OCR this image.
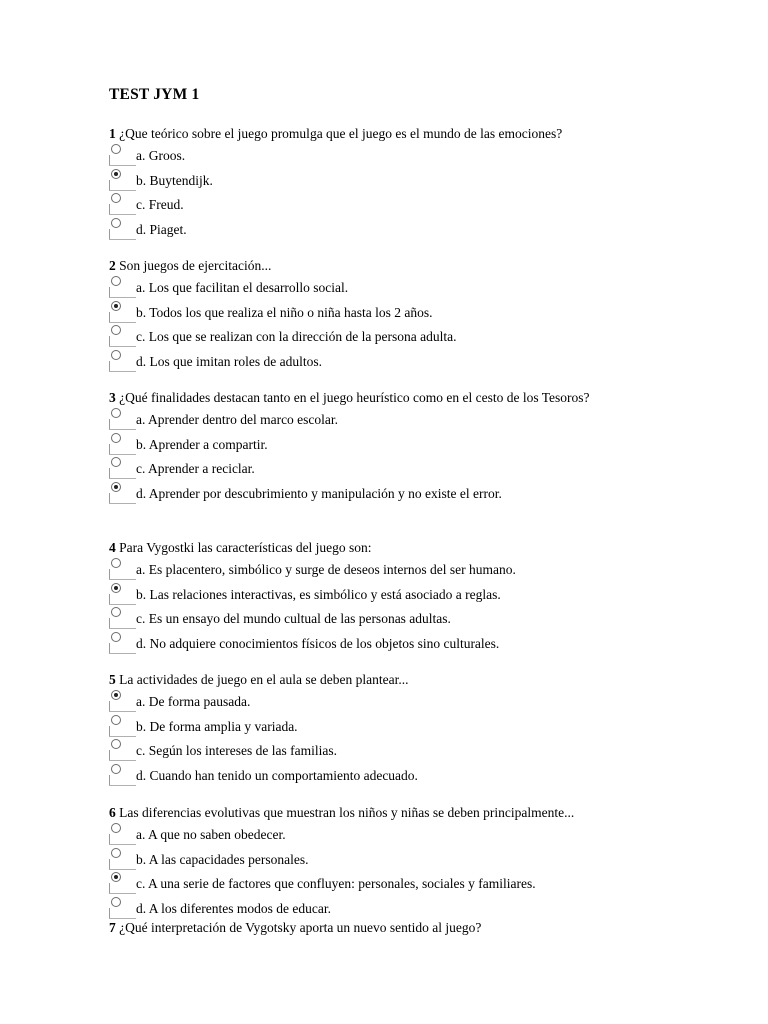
TEST JYM 1
1 ¿Que teórico sobre el juego promulga que el juego es el mundo de las emociones?
a. Groos.
b. Buytendijk.
c. Freud.
d. Piaget.
2 Son juegos de ejercitación...
a. Los que facilitan el desarrollo social.
b. Todos los que realiza el niño o niña hasta los 2 años.
c. Los que se realizan con la dirección de la persona adulta.
d. Los que imitan roles de adultos.
3 ¿Qué finalidades destacan tanto en el juego heurístico como en el cesto de los Tesoros?
a. Aprender dentro del marco escolar.
b. Aprender a compartir.
c. Aprender a reciclar.
d. Aprender por descubrimiento y manipulación y no existe el error.
4 Para Vygostki las características del juego son:
a. Es placentero, simbólico y surge de deseos internos del ser humano.
b. Las relaciones interactivas, es simbólico y está asociado a reglas.
c. Es un ensayo del mundo cultual de las personas adultas.
d. No adquiere conocimientos físicos de los objetos sino culturales.
5 La actividades de juego en el aula se deben plantear...
a. De forma pausada.
b. De forma amplia y variada.
c. Según los intereses de las familias.
d. Cuando han tenido un comportamiento adecuado.
6 Las diferencias evolutivas que muestran los niños y niñas se deben principalmente...
a. A que no saben obedecer.
b. A las capacidades personales.
c. A una serie de factores que confluyen: personales, sociales y familiares.
d. A los diferentes modos de educar.
7 ¿Qué interpretación de Vygotsky aporta un nuevo sentido al juego?
